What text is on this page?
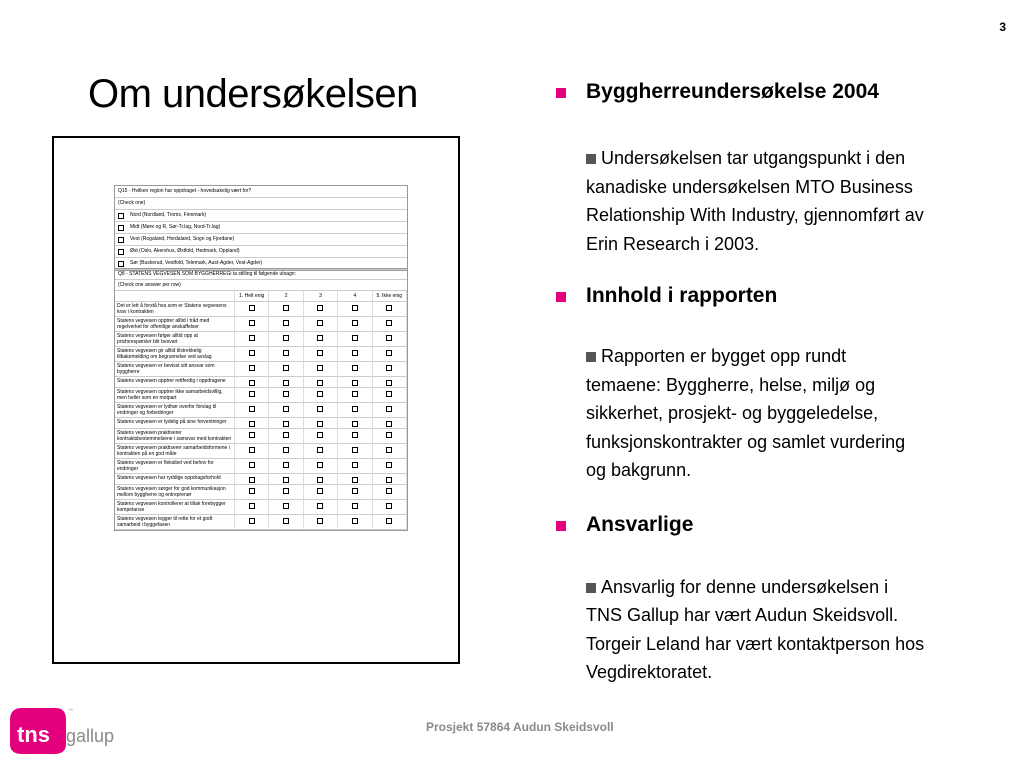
3
Om undersøkelsen
Q15 - Hvilken region har oppdraget - hovedsakelig vært for?
(Check one)
Nord (Nordland, Troms, Finnmark)
Midt (Møre og R, Sør-Tr.lag, Nord-Tr.lag)
Vest (Rogaland, Hordaland, Sogn og Fjordane)
Øst (Oslo, Akershus, Østfold, Hedmark, Oppland)
Sør (Buskerud, Vestfold, Telemark, Aust-Agder, Vest-Agder)
Q8 - STATENS VEGVESEN SOM BYGGHERREGi ta stilling til følgende utsagn:
(Check one answer per row)
1. Helt enig	2	3	4	5. Ikke enig
Det er lett å forstå hva som er Statens vegvesens krav i kontrakten
Statens vegvesen opptrer alltid i tråd med regelverket for offentlige anskaffelser
Statens vegvesen følger alltid opp at prisforespørsler blir besvart
Statens vegvesen gir alltid tilstrekkelig tilbakemelding om begrunnelse ved avslag
Statens vegvesen er bevisst sitt ansvar som byggherre
Statens vegvesen opptrer rettferdig i oppdragene
Statens vegvesen opptrer ikke samarbeidsvillig, men heller som en motpart
Statens vegvesen er lydhør overfor forslag til endringer og forbedringer
Statens vegvesen er tydelig på sine forventninger
Statens vegvesen praktiserer kontraktsbestemmelsene i samsvar med kontrakten
Statens vegvesen praktiserer samarbeidsformene i kontrakten på en god måte
Statens vegvesen er fleksibel ved behov for endringer
Statens vegvesen har ryddige oppdragsforhold
Statens vegvesen sørger for god kommunikasjon mellom byggherre og entreprenør
Statens vegvesen kontrollerer at tiltak forebygger kompetanse
Statens vegvesen legger til rette for et godt samarbeid i byggefasen

Byggherreundersøkelse 2004

Undersøkelsen tar utgangspunkt i den
kanadiske undersøkelsen MTO Business
Relationship With Industry, gjennomført av
Erin Research i 2003.

Innhold i rapporten

Rapporten er bygget opp rundt
temaene: Byggherre, helse, miljø og
sikkerhet, prosjekt- og byggeledelse,
funksjonskontrakter og samlet vurdering
og bakgrunn.

Ansvarlige

Ansvarlig for denne undersøkelsen i
TNS Gallup har vært Audun Skeidsvoll.
Torgeir Leland har vært kontaktperson hos
Vegdirektoratet.
tns
™
gallup	Prosjekt 57864 Audun Skeidsvoll
